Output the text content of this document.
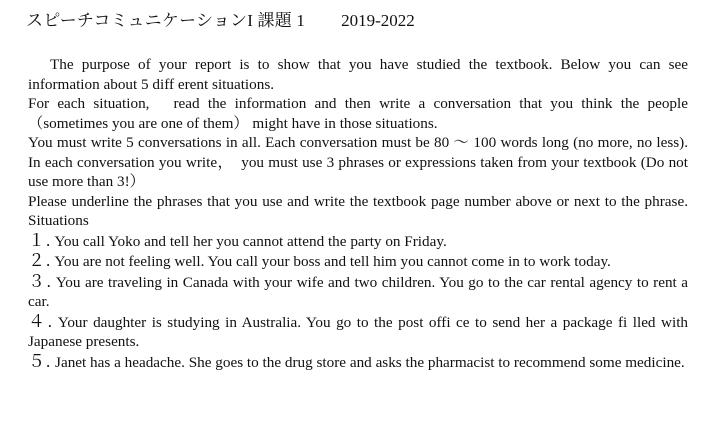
スピーチコミュニケーションI 課題 1 2019-2022

The purpose of your report is to show that you have studied the textbook. Below you can see information about 5 diff erent situations.

For each situation,　read the information and then write a conversation that you think the people （sometimes you are one of them） might have in those situations.

You must write 5 conversations in all. Each conversation must be 80 ～ 100 words long (no more, no less).　 In each conversation you write，　you must use 3 phrases or expressions taken from your textbook (Do not use more than 3!）

Please underline the phrases that you use and write the textbook page number above or next to the phrase. Situations

１. You call Yoko and tell her you cannot attend the party on Friday.

２. You are not feeling well. You call your boss and tell him you cannot come in to work today.

３. You are traveling in Canada with your wife and two children. You go to the car rental agency to rent a car.

４. Your daughter is studying in Australia. You go to the post offi ce to send her a package fi lled with Japanese presents.

５. Janet has a headache. She goes to the drug store and asks the pharmacist to recommend some medicine.
